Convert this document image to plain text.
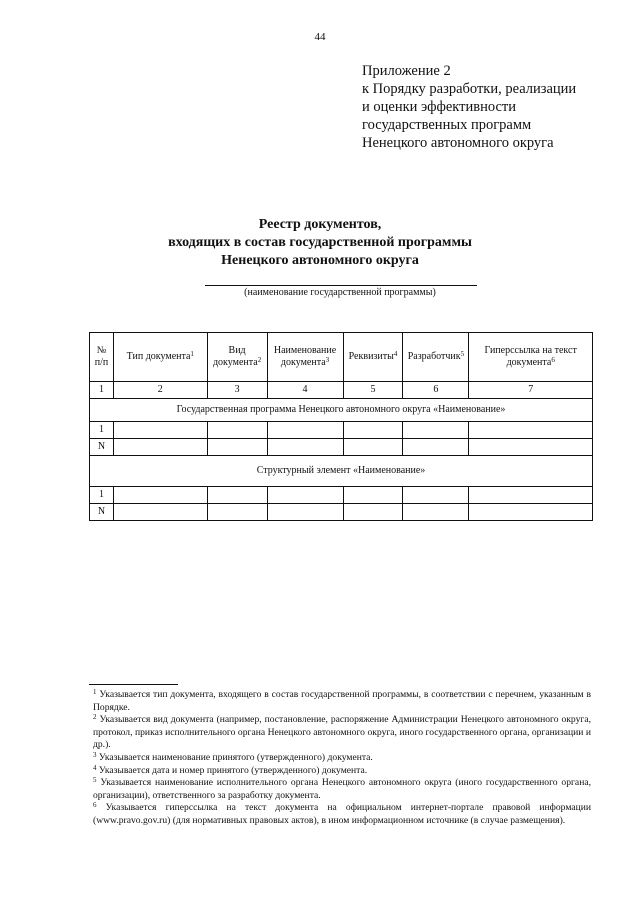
44
Приложение 2
к Порядку разработки, реализации
и оценки эффективности
государственных программ
Ненецкого автономного округа
Реестр документов,
входящих в состав государственной программы
Ненецкого автономного округа
(наименование государственной программы)
№ п/п	Тип документа$^1$	Вид документа$^2$	Наименование документа$^3$	Реквизиты$^4$	Разработчик$^5$	Гиперссылка на текст документа$^6$
1	2	3	4	5	6	7
Государственная программа Ненецкого автономного округа «Наименование»						
1						
N						
Структурный элемент «Наименование»						
1						
N						

$^1$ Указывается тип документа, входящего в состав государственной программы, в соответствии с перечнем, указанным в Порядке.

$^2$ Указывается вид документа (например, постановление, распоряжение Администрации Ненецкого автономного округа, протокол, приказ исполнительного органа Ненецкого автономного округа, иного государственного органа, организации и др.).

$^3$ Указывается наименование принятого (утвержденного) документа.

$^4$ Указывается дата и номер принятого (утвержденного) документа.

$^5$ Указывается наименование исполнительного органа Ненецкого автономного округа (иного государственного органа, организации), ответственного за разработку документа.

$^6$ Указывается гиперссылка на текст документа на официальном интернет-портале правовой информации (www.pravo.gov.ru) (для нормативных правовых актов), в ином информационном источнике (в случае размещения).
